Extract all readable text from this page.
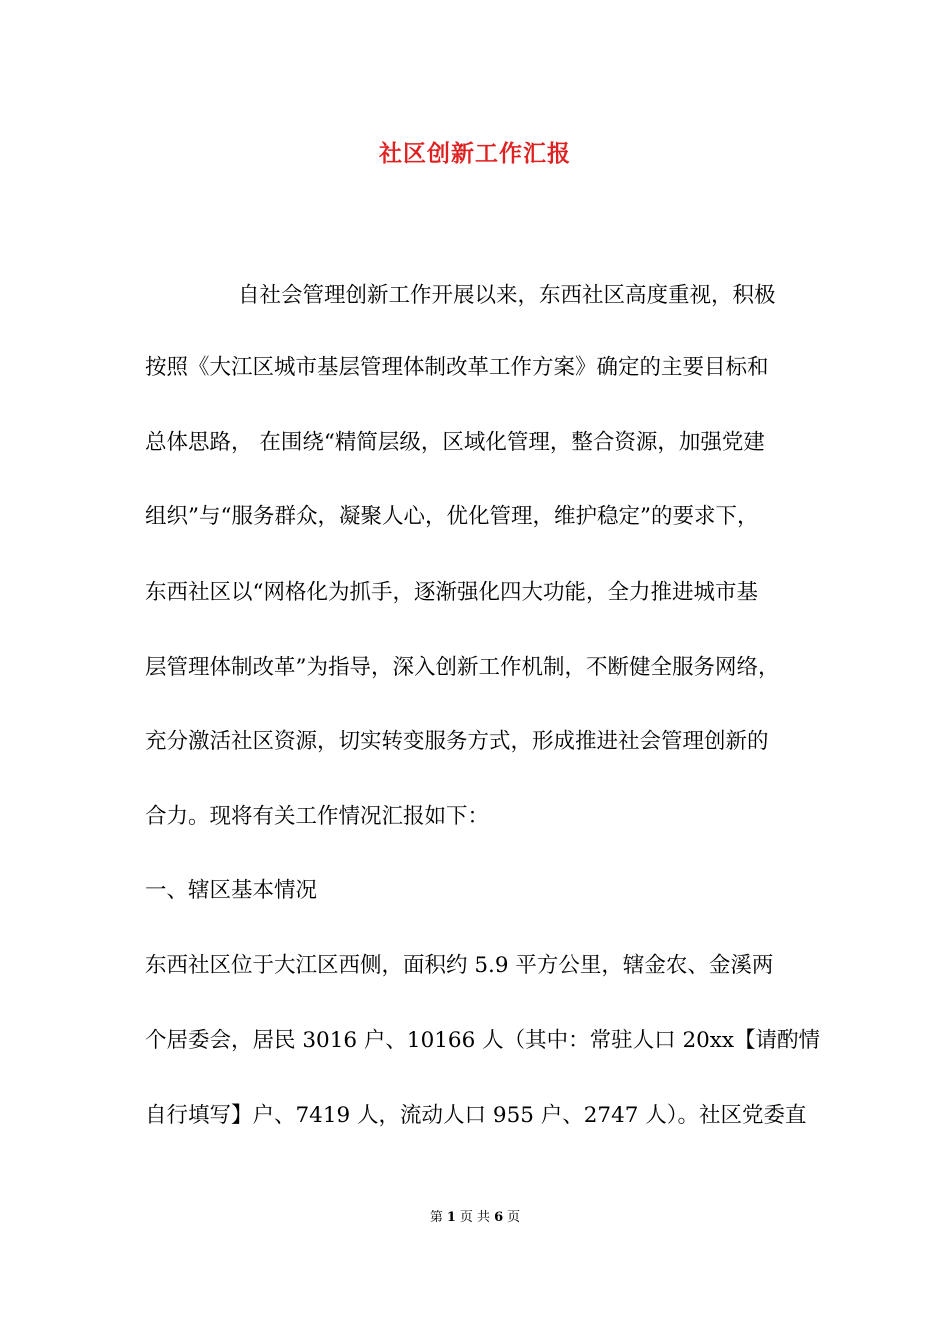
社区创新工作汇报
自社会管理创新工作开展以来，东西社区高度重视，积极
按照《大江区城市基层管理体制改革工作方案》确定的主要目标和
总体思路， 在围绕“精简层级，区域化管理，整合资源，加强党建
组织”与“服务群众，凝聚人心，优化管理，维护稳定”的要求下，
东西社区以“网格化为抓手，逐渐强化四大功能，全力推进城市基
层管理体制改革”为指导，深入创新工作机制，不断健全服务网络，
充分激活社区资源，切实转变服务方式，形成推进社会管理创新的
合力。现将有关工作情况汇报如下：
一、辖区基本情况
东西社区位于大江区西侧，面积约 5.9 平方公里，辖金农、金溪两
个居委会，居民 3016 户、10166 人（其中：常驻人口 20xx【请酌情
自行填写】户、7419 人，流动人口 955 户、2747 人）。社区党委直
第 1 页 共 6 页
